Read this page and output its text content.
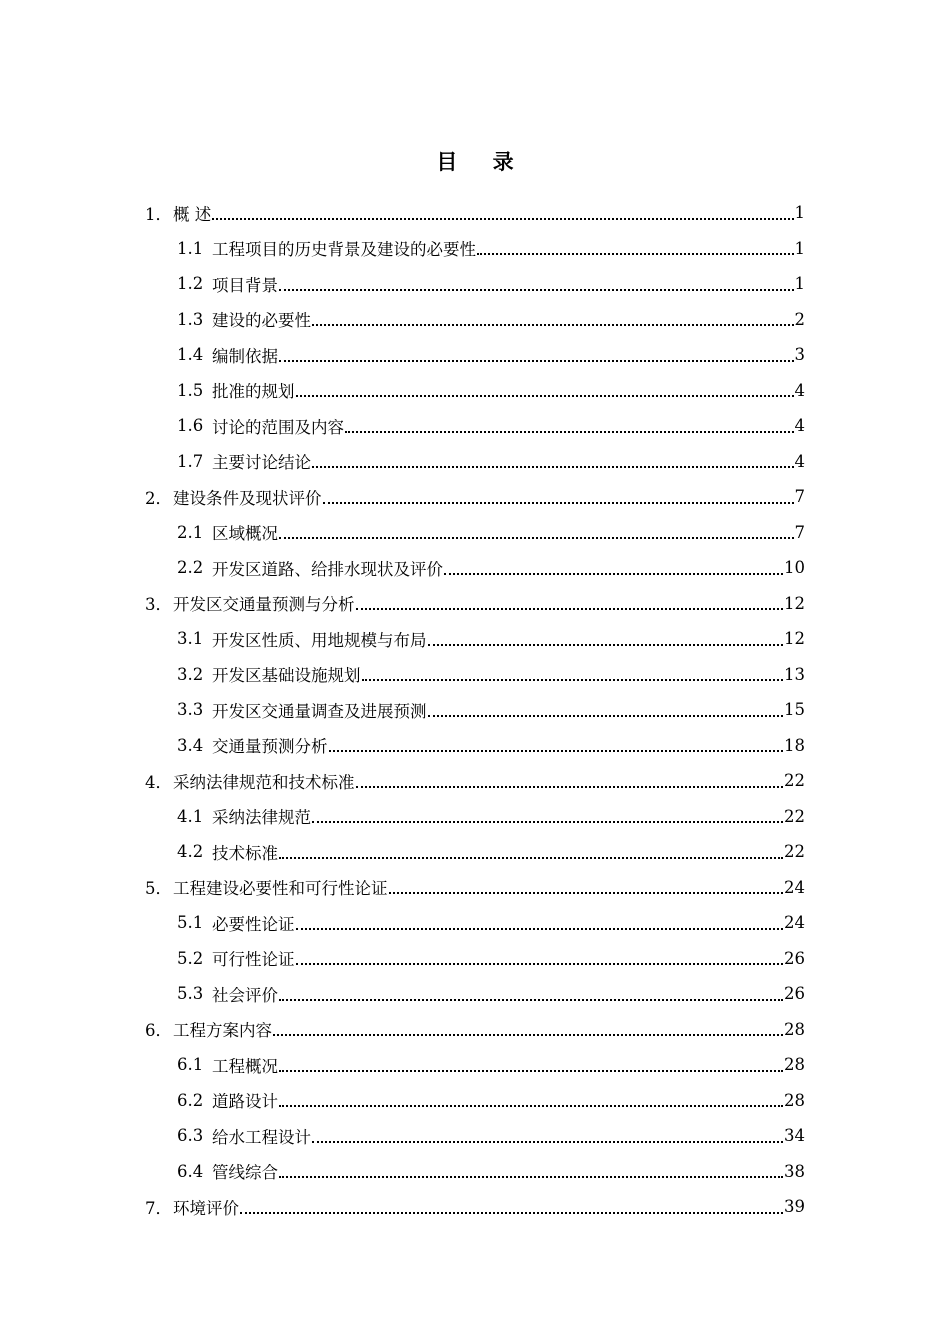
目 录
1． 概 述	1
1.1 工程项目的历史背景及建设的必要性	1
1.2 项目背景	1
1.3 建设的必要性	2
1.4 编制依据	3
1.5 批准的规划	4
1.6 讨论的范围及内容	4
1.7 主要讨论结论	4
2． 建设条件及现状评价	7
2.1 区域概况	7
2.2 开发区道路、给排水现状及评价	10
3． 开发区交通量预测与分析	12
3.1 开发区性质、用地规模与布局	12
3.2 开发区基础设施规划	13
3.3 开发区交通量调查及进展预测	15
3.4 交通量预测分析	18
4． 采纳法律规范和技术标准	22
4.1 采纳法律规范	22
4.2 技术标准	22
5． 工程建设必要性和可行性论证	24
5.1 必要性论证	24
5.2 可行性论证	26
5.3 社会评价	26
6． 工程方案内容	28
6.1 工程概况	28
6.2 道路设计	28
6.3 给水工程设计	34
6.4 管线综合	38
7． 环境评价	39
